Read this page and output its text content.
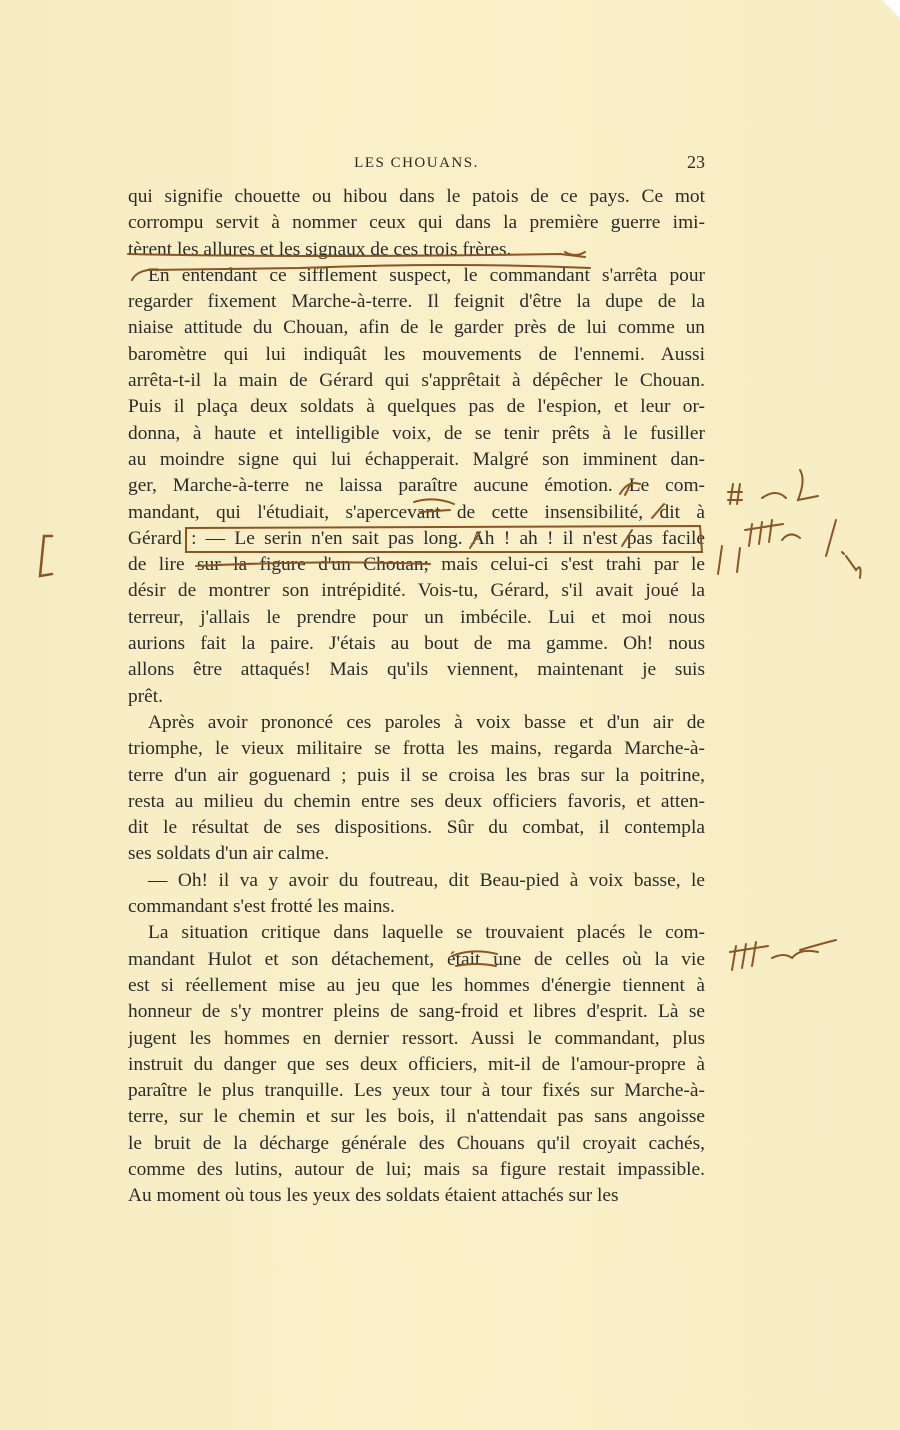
LES CHOUANS.	23
qui signifie chouette ou hibou dans le patois de ce pays. Ce mot
corrompu servit à nommer ceux qui dans la première guerre imi-
tèrent les allures et les signaux de ces trois frères.
En entendant ce sifflement suspect, le commandant s'arrêta pour
regarder fixement Marche-à-terre. Il feignit d'être la dupe de la
niaise attitude du Chouan, afin de le garder près de lui comme un
baromètre qui lui indiquât les mouvements de l'ennemi. Aussi
arrêta-t-il la main de Gérard qui s'apprêtait à dépêcher le Chouan.
Puis il plaça deux soldats à quelques pas de l'espion, et leur or-
donna, à haute et intelligible voix, de se tenir prêts à le fusiller
au moindre signe qui lui échapperait. Malgré son imminent dan-
ger, Marche-à-terre ne laissa paraître aucune émotion. Le com-
mandant, qui l'étudiait, s'apercevant de cette insensibilité, dit à
Gérard : — Le serin n'en sait pas long. Ah ! ah ! il n'est pas facile
de lire sur la figure d'un Chouan; mais celui-ci s'est trahi par le
désir de montrer son intrépidité. Vois-tu, Gérard, s'il avait joué la
terreur, j'allais le prendre pour un imbécile. Lui et moi nous
aurions fait la paire. J'étais au bout de ma gamme. Oh! nous
allons être attaqués! Mais qu'ils viennent, maintenant je suis
prêt.
Après avoir prononcé ces paroles à voix basse et d'un air de
triomphe, le vieux militaire se frotta les mains, regarda Marche-à-
terre d'un air goguenard ; puis il se croisa les bras sur la poitrine,
resta au milieu du chemin entre ses deux officiers favoris, et atten-
dit le résultat de ses dispositions. Sûr du combat, il contempla
ses soldats d'un air calme.
— Oh! il va y avoir du foutreau, dit Beau-pied à voix basse, le
commandant s'est frotté les mains.
La situation critique dans laquelle se trouvaient placés le com-
mandant Hulot et son détachement, était une de celles où la vie
est si réellement mise au jeu que les hommes d'énergie tiennent à
honneur de s'y montrer pleins de sang-froid et libres d'esprit. Là se
jugent les hommes en dernier ressort. Aussi le commandant, plus
instruit du danger que ses deux officiers, mit-il de l'amour-propre à
paraître le plus tranquille. Les yeux tour à tour fixés sur Marche-à-
terre, sur le chemin et sur les bois, il n'attendait pas sans angoisse
le bruit de la décharge générale des Chouans qu'il croyait cachés,
comme des lutins, autour de lui; mais sa figure restait impassible.
Au moment où tous les yeux des soldats étaient attachés sur les
